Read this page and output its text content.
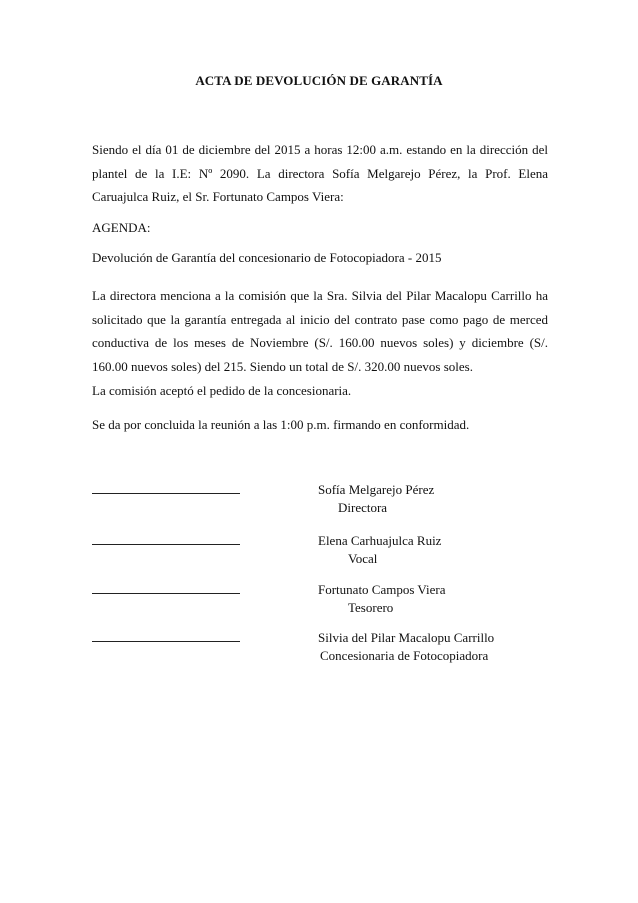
ACTA DE DEVOLUCIÓN DE GARANTÍA
Siendo el día 01 de diciembre del 2015 a horas 12:00 a.m. estando en la dirección del plantel de la I.E: Nº 2090. La directora Sofía Melgarejo Pérez, la Prof. Elena Caruajulca Ruiz, el Sr. Fortunato Campos Viera:
AGENDA:
Devolución de Garantía del concesionario de Fotocopiadora - 2015
La directora menciona a la comisión que la Sra. Silvia del Pilar Macalopu Carrillo ha solicitado que la garantía entregada al inicio del contrato pase como pago de merced conductiva de los meses de Noviembre (S/. 160.00 nuevos soles) y diciembre (S/. 160.00 nuevos soles) del 215. Siendo un total de S/. 320.00 nuevos soles.
La comisión aceptó el pedido de la concesionaria.
Se da por concluida la reunión a las 1:00 p.m. firmando en conformidad.
Sofía Melgarejo Pérez
Directora
Elena Carhuajulca Ruiz
Vocal
Fortunato Campos Viera
Tesorero
Silvia del Pilar Macalopu Carrillo
Concesionaria de Fotocopiadora
